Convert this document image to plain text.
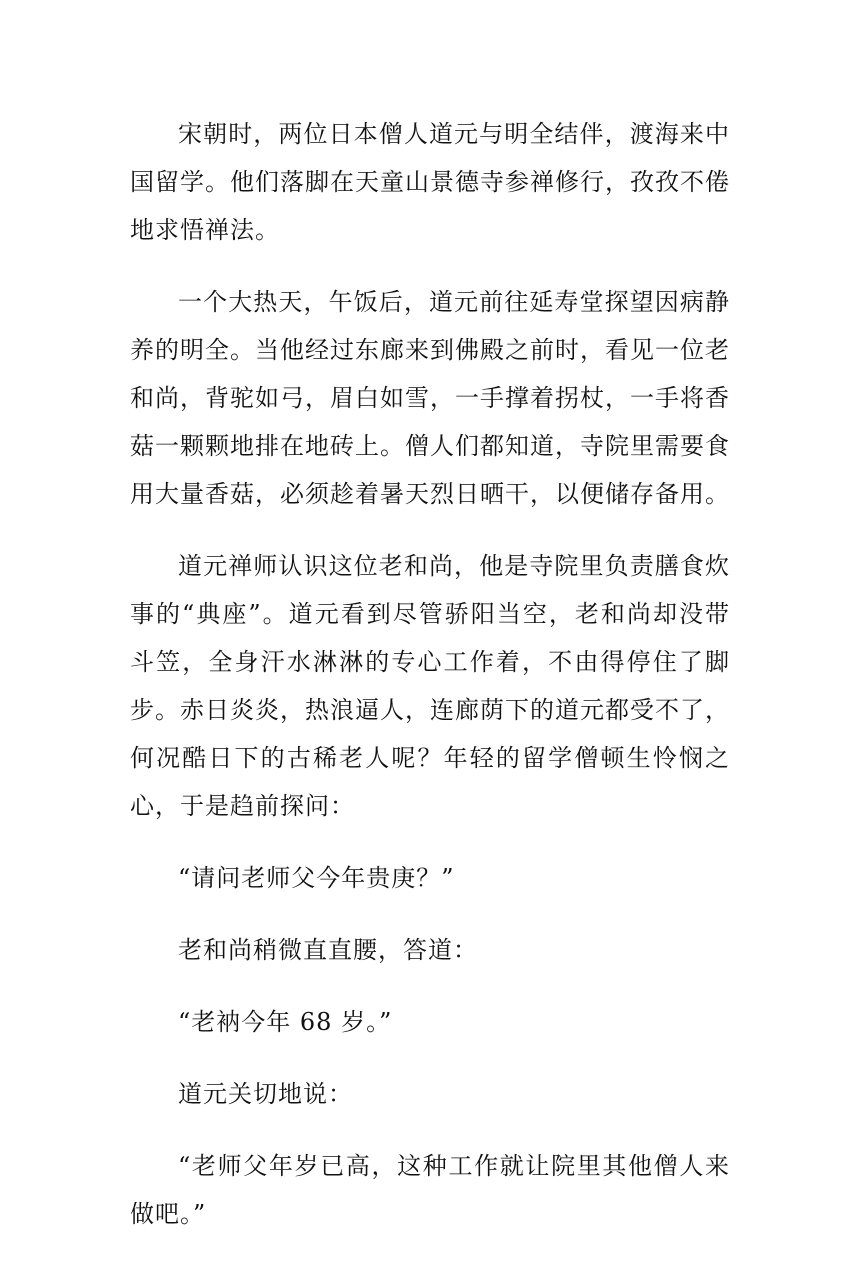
宋朝时，两位日本僧人道元与明全结伴，渡海来中国留学。他们落脚在天童山景德寺参禅修行，孜孜不倦地求悟禅法。

一个大热天，午饭后，道元前往延寿堂探望因病静养的明全。当他经过东廊来到佛殿之前时，看见一位老和尚，背驼如弓，眉白如雪，一手撑着拐杖，一手将香菇一颗颗地排在地砖上。僧人们都知道，寺院里需要食用大量香菇，必须趁着暑天烈日晒干，以便储存备用。

道元禅师认识这位老和尚，他是寺院里负责膳食炊事的“典座”。道元看到尽管骄阳当空，老和尚却没带斗笠，全身汗水淋淋的专心工作着，不由得停住了脚步。赤日炎炎，热浪逼人，连廊荫下的道元都受不了，何况酷日下的古稀老人呢？年轻的留学僧顿生怜悯之心，于是趋前探问：

“请问老师父今年贵庚？”

老和尚稍微直直腰，答道：

“老衲今年 68 岁。”

道元关切地说：

“老师父年岁已高，这种工作就让院里其他僧人来做吧。”
